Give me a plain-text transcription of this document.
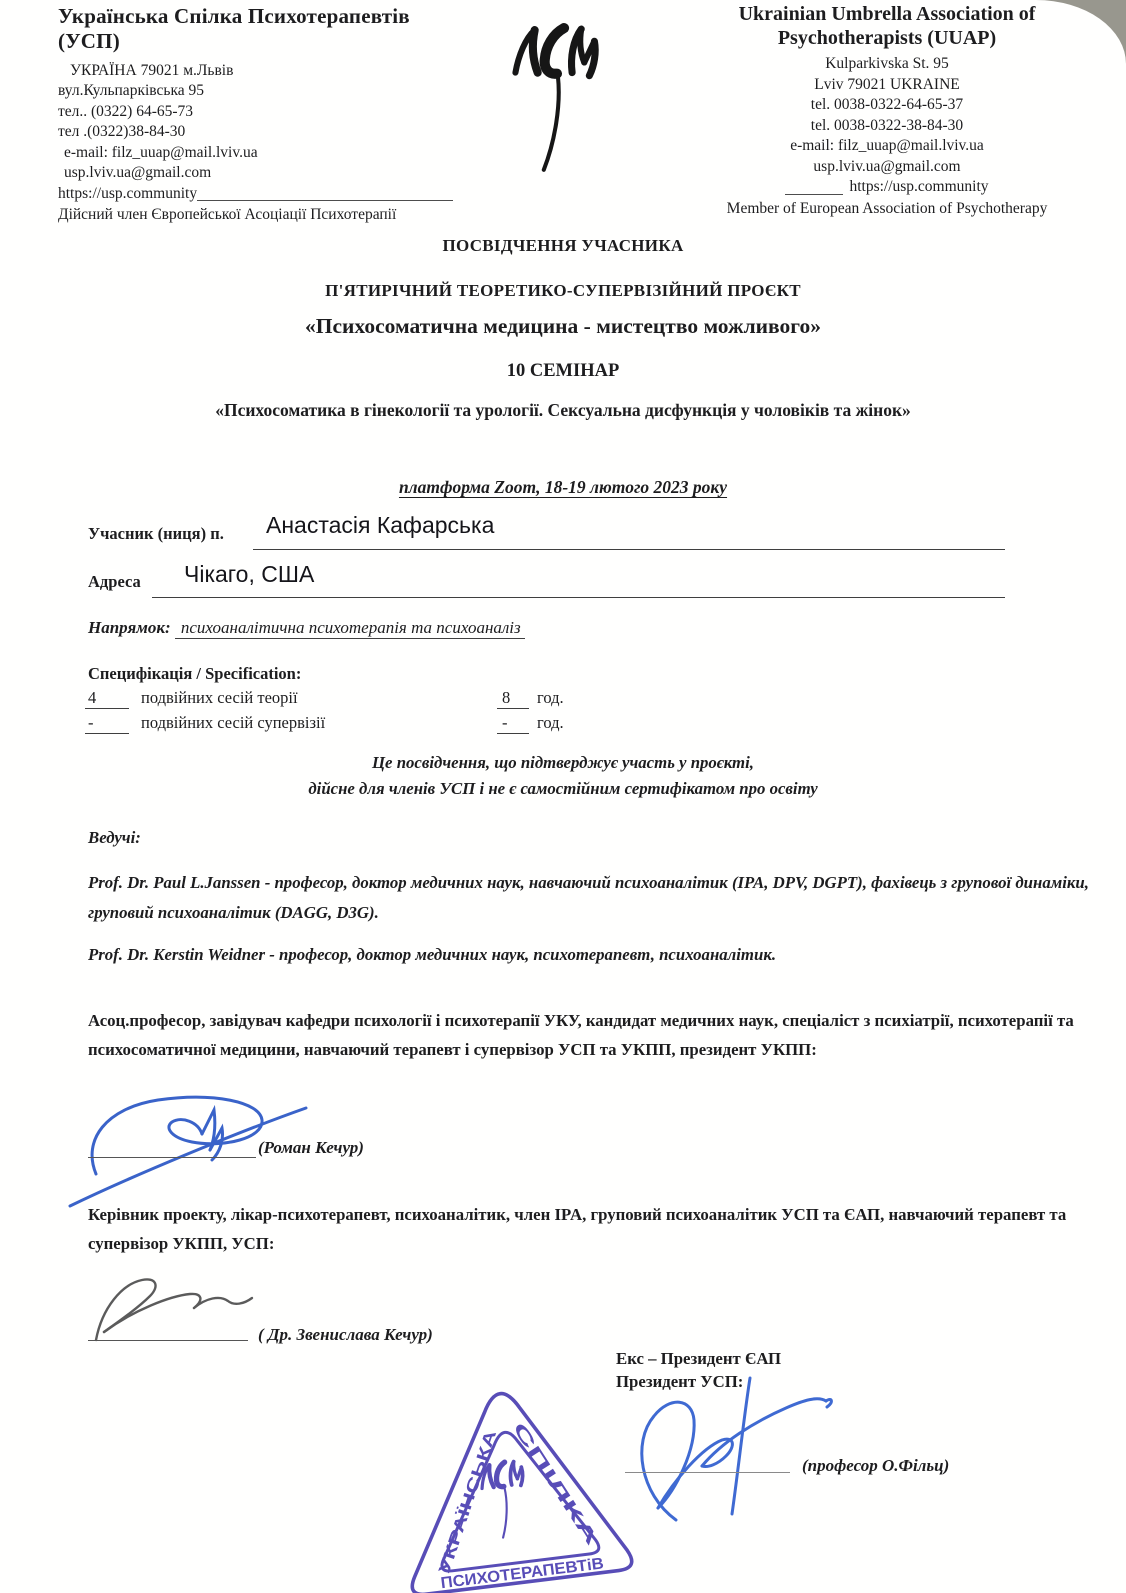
Українська Спілка Психотерапевтів
(УСП)
УКРАЇНА 79021 м.Львів
вул.Кульпарківська 95
тел.. (0322) 64-65-73
тел .(0322)38-84-30
e-mail: filz_uuap@mail.lviv.ua
usp.lviv.ua@gmail.com
https://usp.community
Дійсний член Європейської Асоціації Психотерапії
Ukrainian Umbrella Association of
Psychotherapists (UUAP)
Kulparkivska St. 95
Lviv 79021 UKRAINE
tel. 0038-0322-64-65-37
tel. 0038-0322-38-84-30
e-mail: filz_uuap@mail.lviv.ua
usp.lviv.ua@gmail.com
https://usp.community
Member of European Association of Psychotherapy
ПОСВІДЧЕННЯ УЧАСНИКА
П'ЯТИРІЧНИЙ ТЕОРЕТИКО-СУПЕРВІЗІЙНИЙ ПРОЄКТ
«Психосоматична медицина - мистецтво можливого»
10 СЕМІНАР
«Психосоматика в гінекології та урології. Сексуальна дисфункція у чоловіків та жінок»
платформа Zoom, 18-19 лютого 2023 року
Учасник (ниця) п. Анастасія Кафарська
Адреса Чікаго, США
Напрямок: психоаналітична психотерапія та психоаналіз
Специфікація / Specification:
4	подвійних сесій теорії	8	год.
-	подвійних сесій супервізії	-	год.
Це посвідчення, що підтверджує участь у проєкті,
дійсне для членів УСП і не є самостійним сертифікатом про освіту
Ведучі:
Prof. Dr. Paul L.Janssen - професор, доктор медичних наук, навчаючий психоаналітик (IPA, DPV, DGPT), фахівець з групової динаміки, груповий психоаналітик (DAGG, D3G).
Prof. Dr. Kerstin Weidner - професор, доктор медичних наук, психотерапевт, психоаналітик.
Асоц.професор, завідувач кафедри психології і психотерапії УКУ, кандидат медичних наук, спеціаліст з психіатрії, психотерапії та психосоматичної медицини, навчаючий терапевт і супервізор УСП та УКПП, президент УКПП:
(Роман Кечур)
Керівник проекту, лікар-психотерапевт, психоаналітик, член IPA, груповий психоаналітик УСП та ЄАП, навчаючий терапевт та супервізор УКПП, УСП:
( Др. Звенислава Кечур)
Екс – Президент ЄАП
Президент УСП:
(професор О.Фільц)
УКРАЇНСЬКА
СПІЛКА
ПСИХОТЕРАПЕВТіВ
